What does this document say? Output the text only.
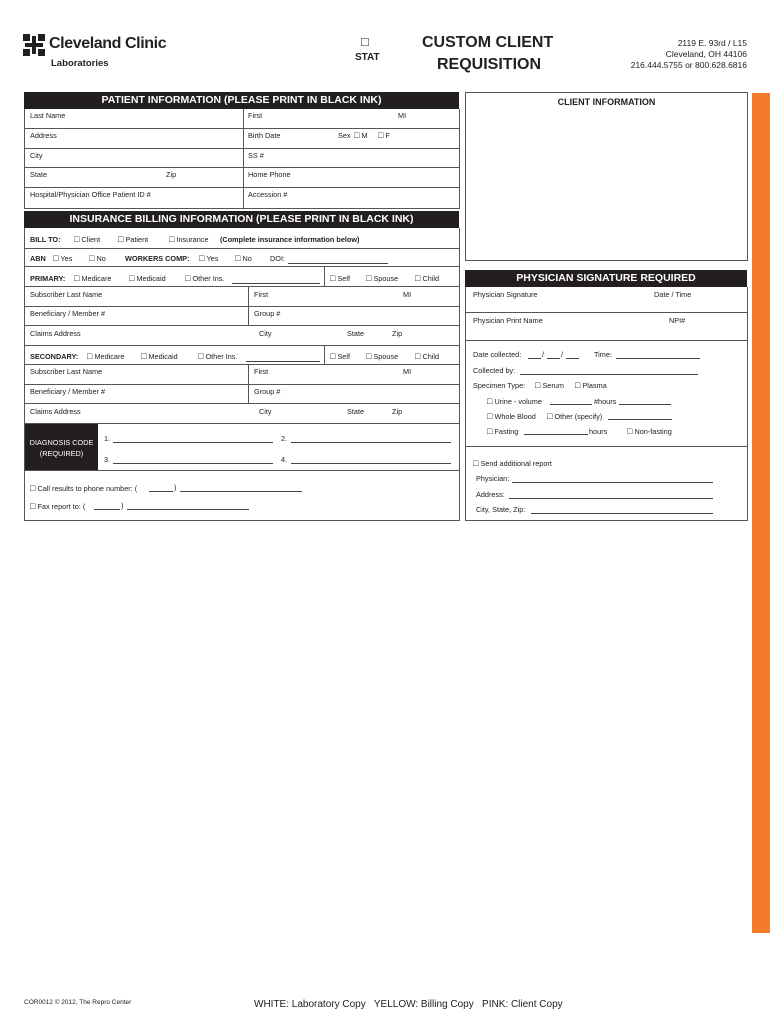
Cleveland Clinic
Laboratories
□
STAT
CUSTOM CLIENT
REQUISITION
2119 E. 93rd / L15
Cleveland, OH 44106
216.444.5755 or 800.628.6816
PATIENT INFORMATION (PLEASE PRINT IN BLACK INK)
Last Name	First	MI
Address	Birth Date	Sex	□ M	□ F
City	SS #
State	Zip	Home Phone
Hospital/Physician Office Patient ID #	Accession #
INSURANCE BILLING INFORMATION (PLEASE PRINT IN BLACK INK)
BILL TO:	□ Client	□ Patient	□ Insurance (Complete insurance information below)
ABN	□ Yes	□ No	WORKERS COMP:	□ Yes	□ No DOI:
PRIMARY:	□ Medicare	□ Medicaid	□ Other Ins.	□ Self	□ Spouse	□ Child
Subscriber Last Name	First	MI
Beneficiary / Member #	Group #
Claims Address	City	State	Zip
SECONDARY:	□ Medicare	□ Medicaid	□ Other Ins.	□ Self	□ Spouse	□ Child
Subscriber Last Name	First	MI
Beneficiary / Member #	Group #
Claims Address	City	State	Zip
DIAGNOSIS CODE
(REQUIRED)
1.	2.
3.	4.
□ Call results to phone number: (	)
□ Fax report to: (	)
CLIENT INFORMATION
PHYSICIAN SIGNATURE REQUIRED
Physician Signature	Date / Time
Physician Print Name	NPI#
Date collected:	/ /	Time:
Collected by:
Specimen Type:	□ Serum	□ Plasma
□ Urine - volume	#hours
□ Whole Blood	□ Other (specify)
□ Fasting	hours	□ Non-fasting
□ Send additional report
Physician:
Address:
City, State, Zip:
COR0012 © 2012, The Repro Center	WHITE: Laboratory Copy   YELLOW: Billing Copy   PINK: Client Copy
